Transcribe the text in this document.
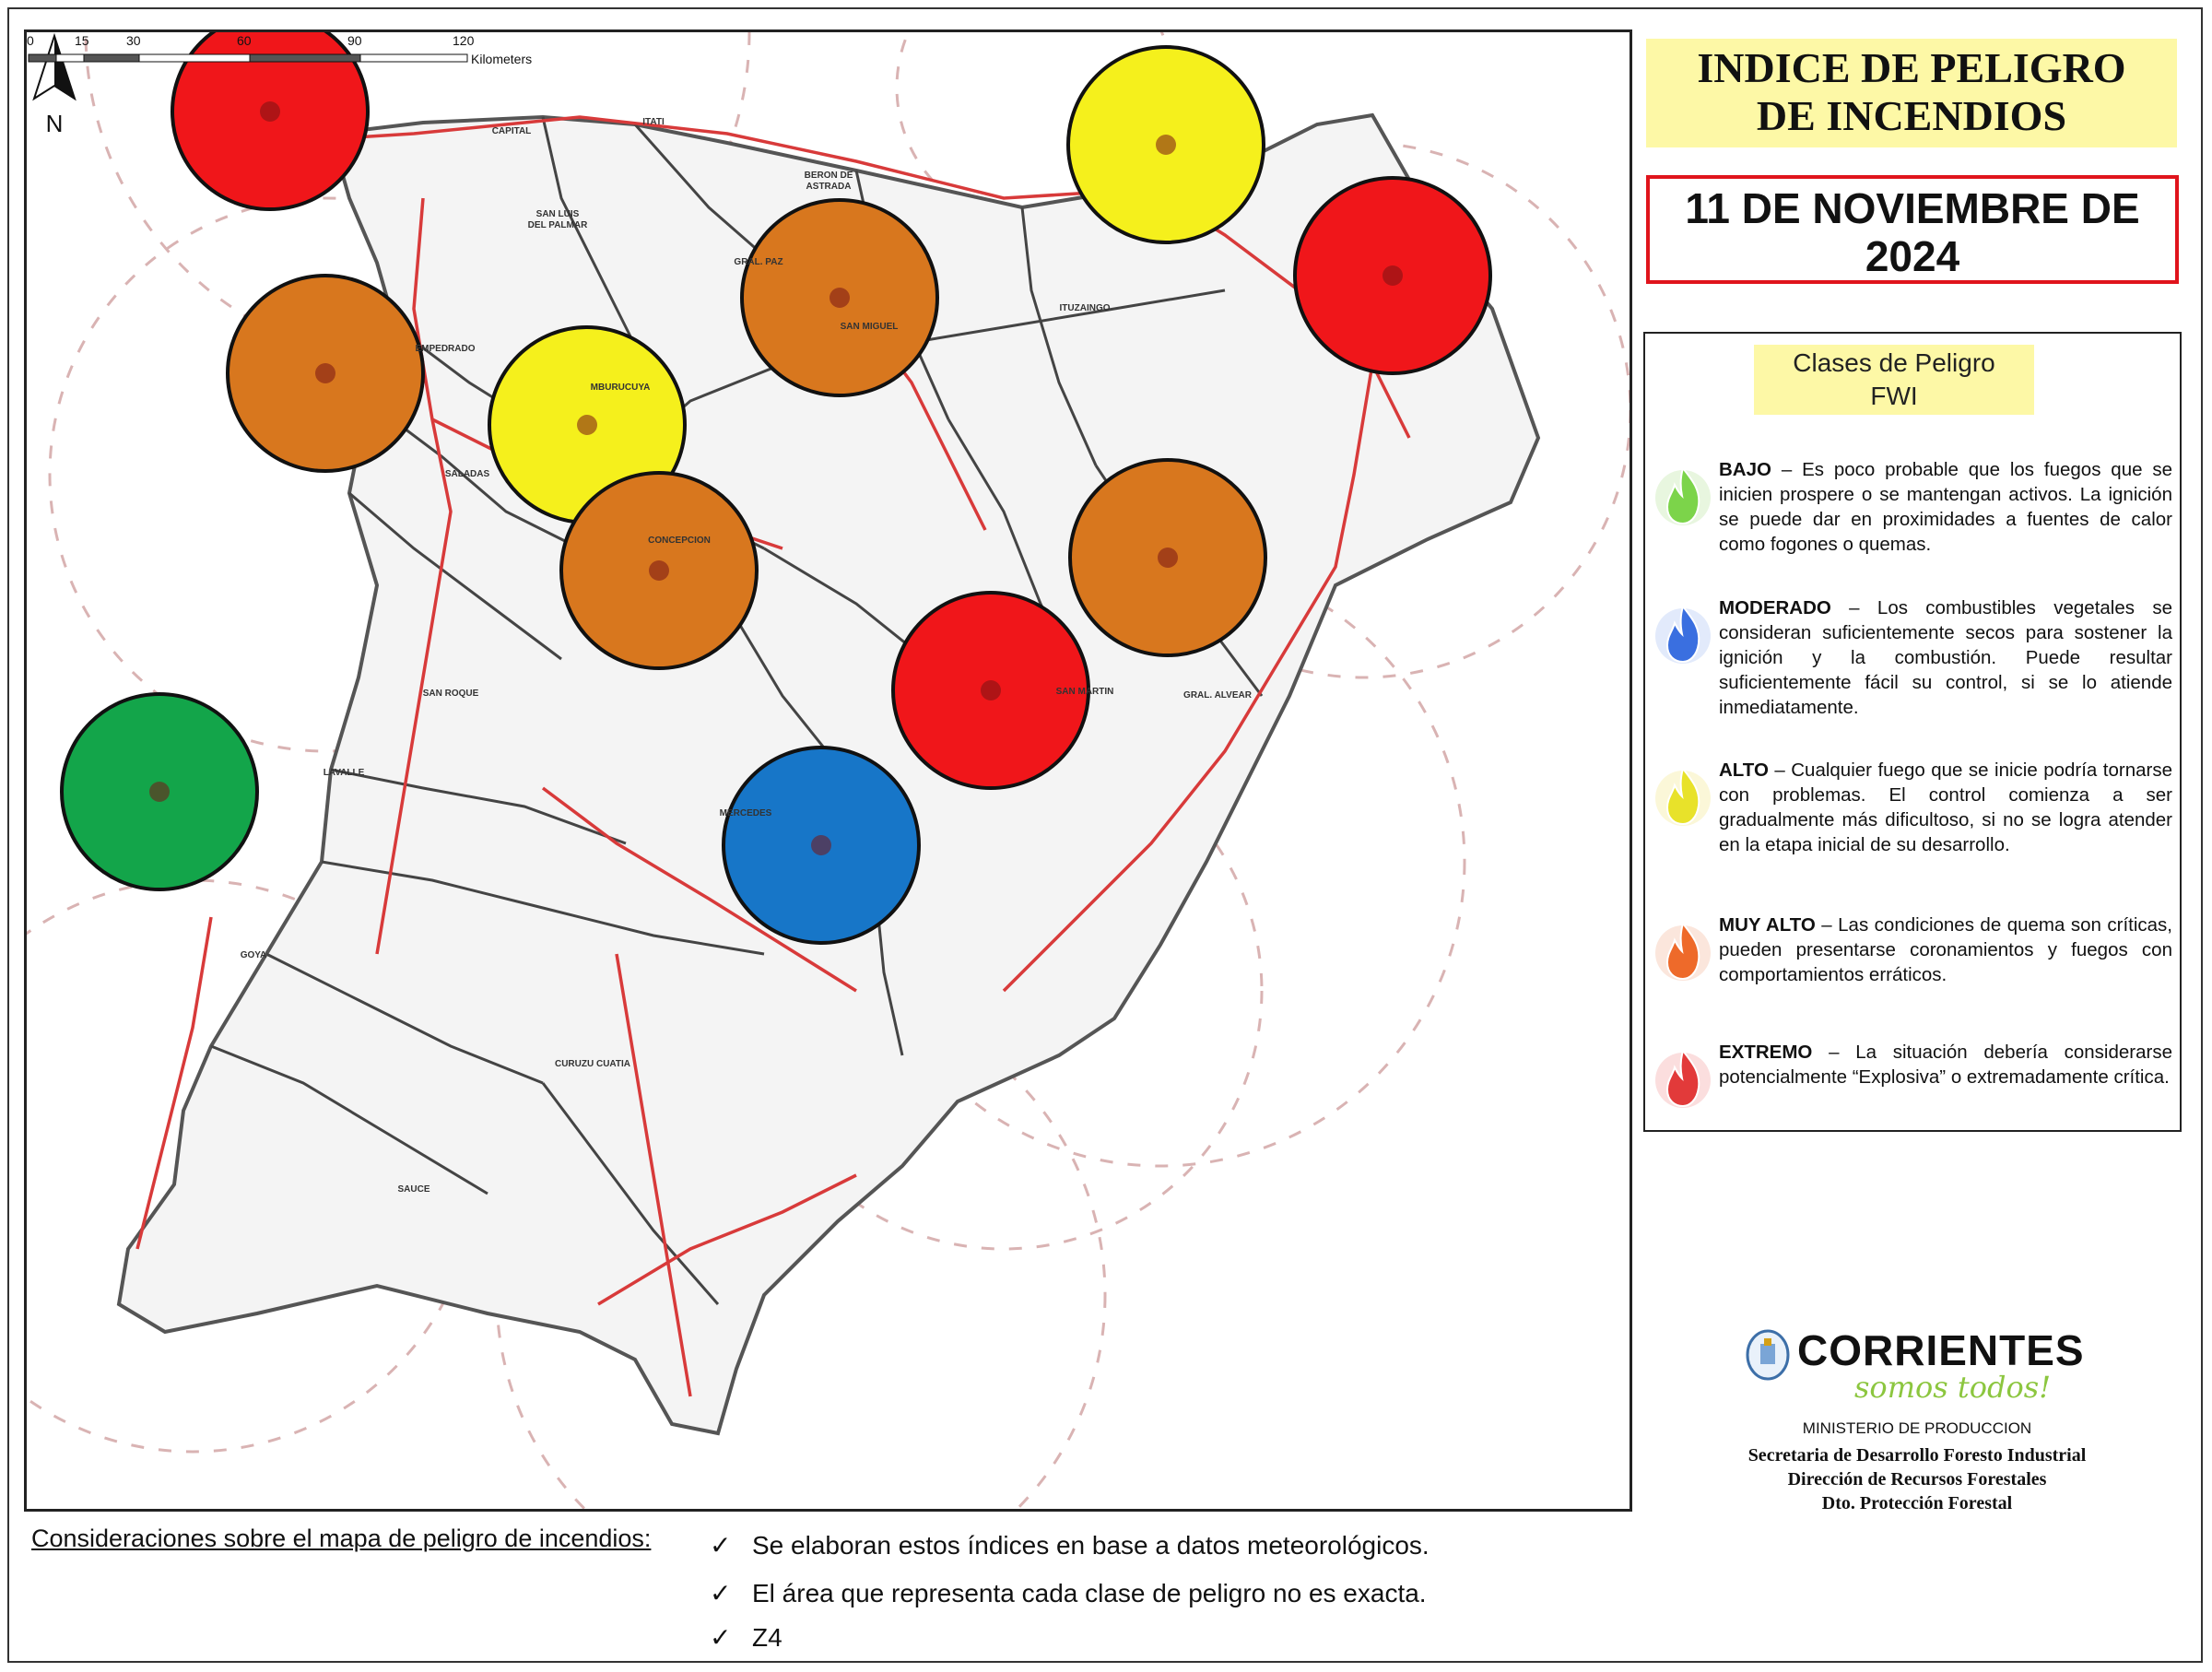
SAN LUIS
DEL PALMAR
BERON DE
ASTRADA
GRAL. PAZ
ITUZAINGO
SAN MIGUEL
EMPEDRADO
MBURUCUYA
SALADAS
CONCEPCION
SAN ROQUE
LAVALLE
SAN MARTIN	GRAL. ALVEAR
MERCEDES
GOYA
CURUZU CUATIA
SAUCE
ITATI
CAPITAL
N
0	15	30	60	90	120
Kilometers	INDICE DE PELIGRO
DE INCENDIOS
11 DE NOVIEMBRE DE
2024
Clases de Peligro
FWI
BAJO – Es poco probable que los fuegos que se inicien prospere o se mantengan activos. La ignición se puede dar en proximidades a fuentes de calor como fogones o quemas.
MODERADO – Los combustibles vegetales se consideran suficientemente secos para sostener la ignición y la combustión. Puede resultar suficientemente fácil su control, si se lo atiende inmediatamente.
ALTO – Cualquier fuego que se inicie podría tornarse con problemas. El control comienza a ser gradualmente más dificultoso, si no se logra atender en la etapa inicial de su desarrollo.
MUY ALTO – Las condiciones de quema son críticas, pueden presentarse coronamientos y fuegos con comportamientos erráticos.
EXTREMO – La situación debería considerarse potencialmente “Explosiva” o extremadamente crítica.
CORRIENTES
somos todos!
MINISTERIO DE PRODUCCION
Secretaria de Desarrollo Foresto Industrial
Dirección de Recursos Forestales
Dto. Protección Forestal
Consideraciones sobre el mapa de peligro de incendios: ✓ Se elaboran estos índices en base a datos meteorológicos.
✓ El área que representa cada clase de peligro no es exacta.
✓ Z4
